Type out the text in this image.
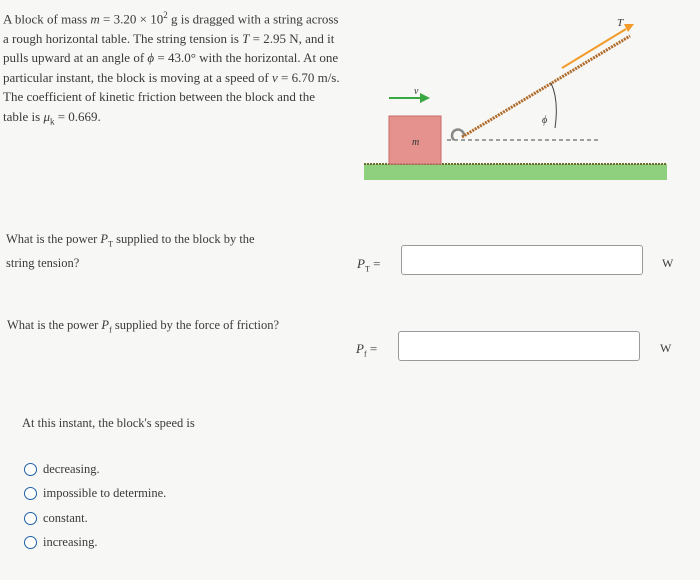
A block of mass $m = 3.20 \times 10^2$ g is dragged with a string across a rough horizontal table. The string tension is T = 2.95 N, and it pulls upward at an angle of ϕ = 43.0° with the horizontal. At one particular instant, the block is moving at a speed of v = 6.70 m/s. The coefficient of kinetic friction between the block and the table is $\mu_k = 0.669$.

m
v⃗
ϕ
T⃗
What is the power $P_T$ supplied to the block by the string tension?	$P_T$ =	W
What is the power $P_f$ supplied by the force of friction?
$P_f$ =	W
At this instant, the block's speed is
decreasing.
impossible to determine.
constant.
increasing.
